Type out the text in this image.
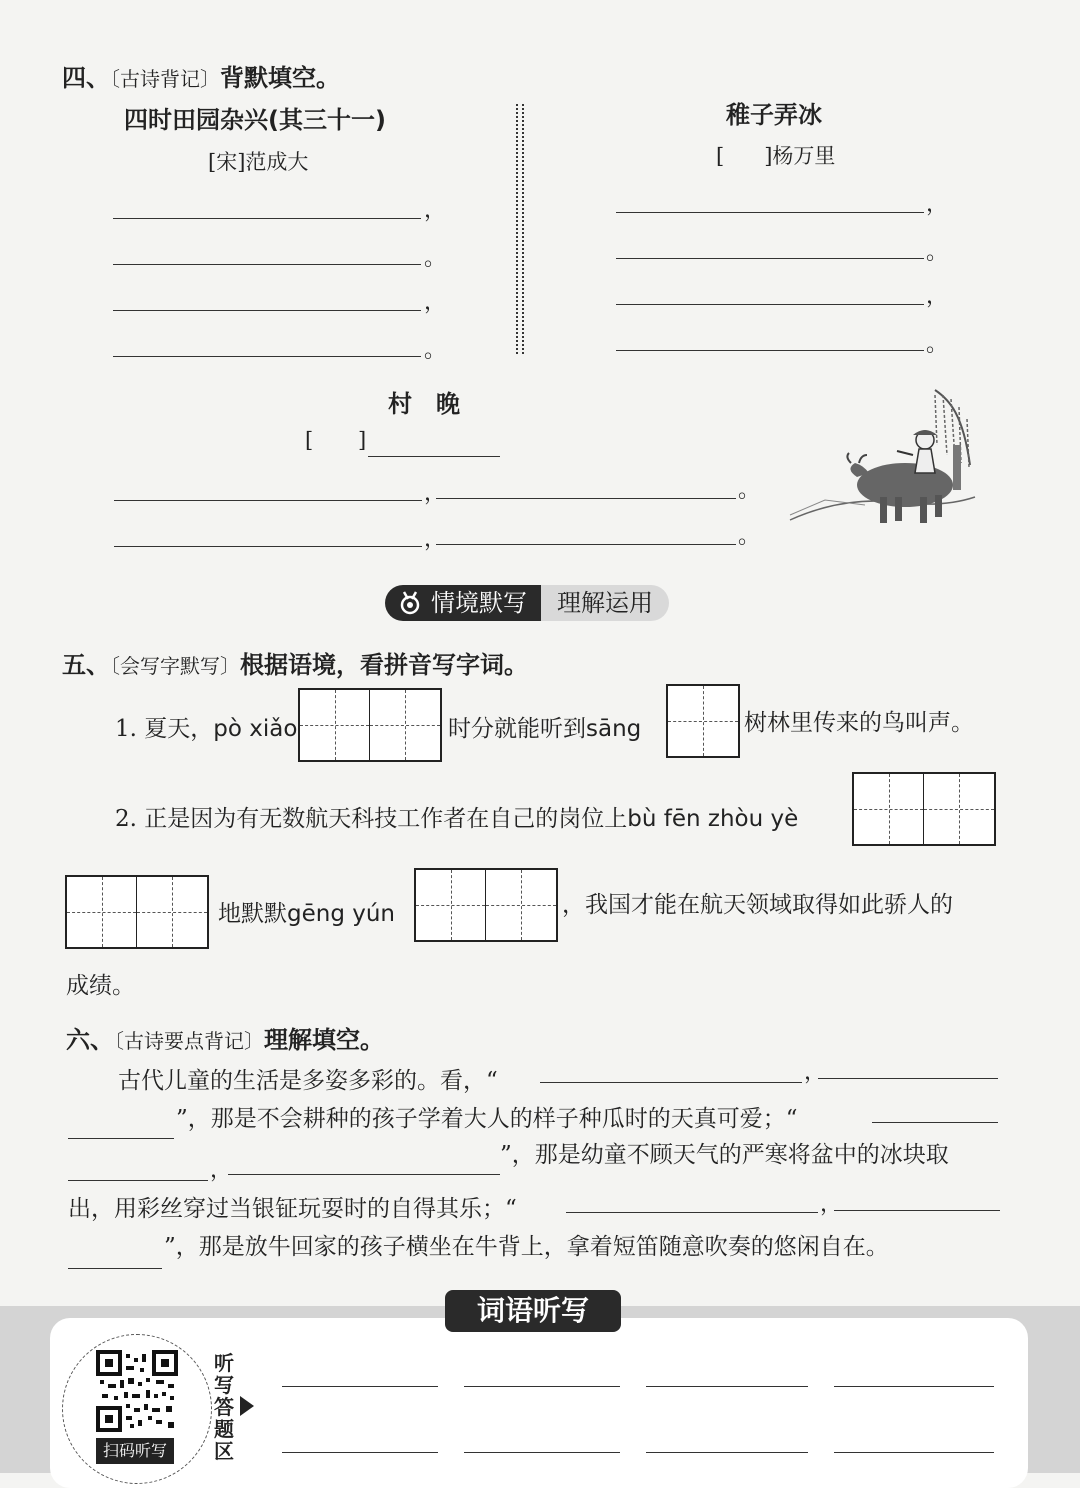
四、〔古诗背记〕背默填空。
四时田园杂兴(其三十一)
[宋]范成大
，
。
，
。
稚子弄冰
[ ]杨万里
，
。
，
。
村　晚
[ ]
，	。
，	。
情境默写	理解运用
五、〔会写字默写〕根据语境，看拼音写字词。
1. 夏天，pò xiǎo	时分就能听到sāng	树林里传来的鸟叫声。
2. 正是因为有无数航天科技工作者在自己的岗位上bù fēn zhòu yè
地默默gēng yún	，我国才能在航天领域取得如此骄人的
成绩。
六、〔古诗要点背记〕理解填空。
古代儿童的生活是多姿多彩的。看，“	，
”，那是不会耕种的孩子学着大人的样子种瓜时的天真可爱；“
，
”，那是幼童不顾天气的严寒将盆中的冰块取
出，用彩丝穿过当银钲玩耍时的自得其乐；“	，
”，那是放牛回家的孩子横坐在牛背上，拿着短笛随意吹奏的悠闲自在。
词语听写
扫码听写
听写答题区
